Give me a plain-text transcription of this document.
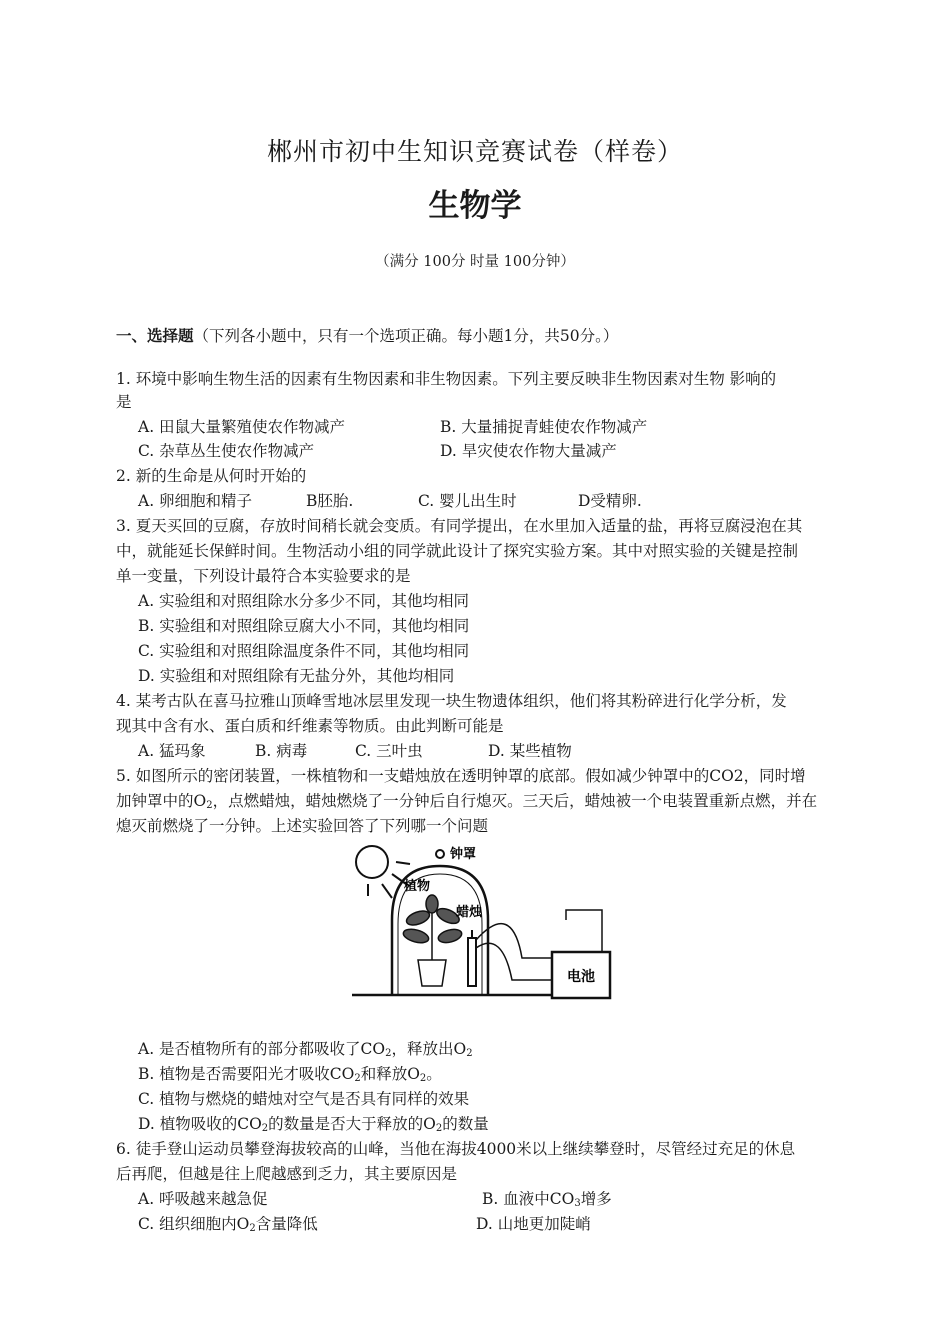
郴州市初中生知识竞赛试卷（样卷）
生物学
（满分 100分 时量 100分钟）
一、选择题（下列各小题中，只有一个选项正确。每小题1分，共50分。）
1. 环境中影响生物生活的因素有生物因素和非生物因素。下列主要反映非生物因素对生物 影响的
是
A. 田鼠大量繁殖使农作物减产	B. 大量捕捉青蛙使农作物减产
C. 杂草丛生使农作物减产	D. 旱灾使农作物大量减产
2. 新的生命是从何时开始的
A. 卵细胞和精子	B胚胎.	C. 婴儿出生时	D受精卵.
3. 夏天买回的豆腐，存放时间稍长就会变质。有同学提出，在水里加入适量的盐，再将豆腐浸泡在其
中，就能延长保鲜时间。生物活动小组的同学就此设计了探究实验方案。其中对照实验的关键是控制
单一变量，下列设计最符合本实验要求的是
A. 实验组和对照组除水分多少不同，其他均相同
B. 实验组和对照组除豆腐大小不同，其他均相同
C. 实验组和对照组除温度条件不同，其他均相同
D. 实验组和对照组除有无盐分外，其他均相同
4. 某考古队在喜马拉雅山顶峰雪地冰层里发现一块生物遗体组织，他们将其粉碎进行化学分析，发
现其中含有水、蛋白质和纤维素等物质。由此判断可能是
A. 猛玛象	B. 病毒	C. 三叶虫	D. 某些植物
5. 如图所示的密闭装置，一株植物和一支蜡烛放在透明钟罩的底部。假如减少钟罩中的CO2，同时增
加钟罩中的$O_2$，点燃蜡烛，蜡烛燃烧了一分钟后自行熄灭。三天后，蜡烛被一个电装置重新点燃，并在
熄灭前燃烧了一分钟。上述实验回答了下列哪一个问题
电池
钟罩
植物
蜡烛
A. 是否植物所有的部分都吸收了$CO_2$，释放出$O_2$
B. 植物是否需要阳光才吸收$CO_2$和释放$O_2$。
C. 植物与燃烧的蜡烛对空气是否具有同样的效果
D. 植物吸收的$CO_2$的数量是否大于释放的$O_2$的数量
6. 徒手登山运动员攀登海拔较高的山峰，当他在海拔4000米以上继续攀登时，尽管经过充足的休息
后再爬，但越是往上爬越感到乏力，其主要原因是
A. 呼吸越来越急促	B. 血液中$CO_3$增多
C. 组织细胞内$O_2$含量降低	D. 山地更加陡峭
